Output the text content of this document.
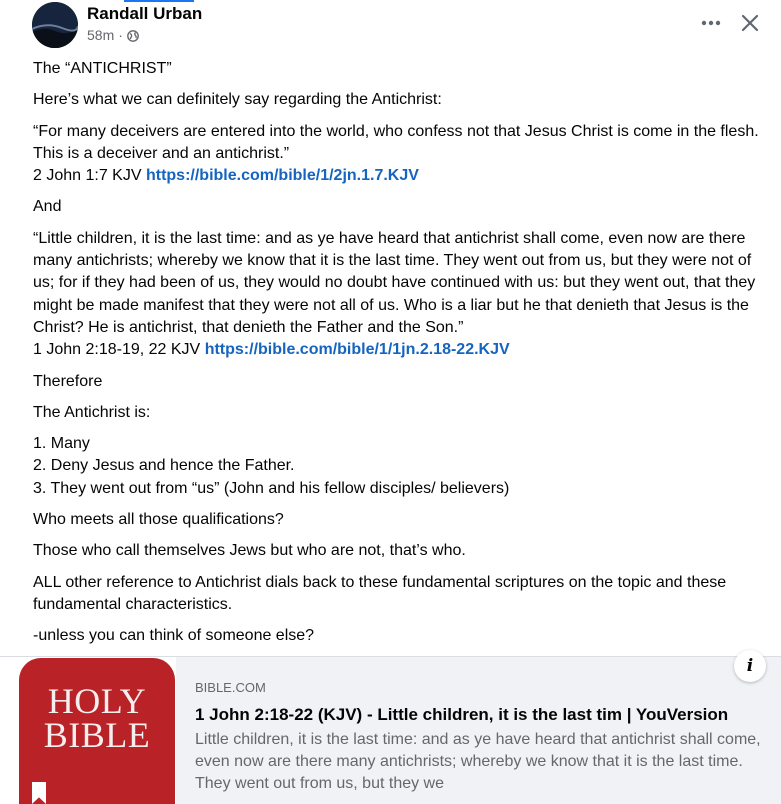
Randall Urban
58m ·

The “ANTICHRIST”

Here’s what we can definitely say regarding the Antichrist:

“For many deceivers are entered into the world, who confess not that Jesus Christ is come in the flesh. This is a deceiver and an antichrist.”
2 John 1:7 KJV https://bible.com/bible/1/2jn.1.7.KJV

And

“Little children, it is the last time: and as ye have heard that antichrist shall come, even now are there many antichrists; whereby we know that it is the last time. They went out from us, but they were not of us; for if they had been of us, they would no doubt have continued with us: but they went out, that they might be made manifest that they were not all of us. Who is a liar but he that denieth that Jesus is the Christ? He is antichrist, that denieth the Father and the Son.”
1 John 2:18-19, 22 KJV https://bible.com/bible/1/1jn.2.18-22.KJV

Therefore

The Antichrist is:

1. Many
2. Deny Jesus and hence the Father.
3. They went out from “us” (John and his fellow disciples/ believers)

Who meets all those qualifications?

Those who call themselves Jews but who are not, that’s who.

ALL other reference to Antichrist dials back to these fundamental scriptures on the topic and these fundamental characteristics.

-unless you can think of someone else?

HOLY
BIBLE
BIBLE.COM
1 John 2:18-22 (KJV) - Little children, it is the last tim | YouVersion
Little children, it is the last time: and as ye have heard that antichrist shall come, even now are there many antichrists; whereby we know that it is the last time. They went out from us, but they we
i
